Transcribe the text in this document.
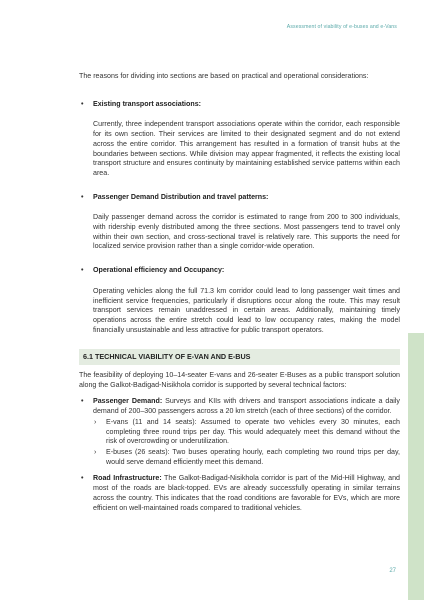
Assessment of viability of e-buses and e-Vans

The reasons for dividing into sections are based on practical and operational considerations:

• Existing transport associations:

Currently, three independent transport associations operate within the corridor, each responsible for its own section. Their services are limited to their designated segment and do not extend across the entire corridor. This arrangement has resulted in a formation of transit hubs at the boundaries between sections. While division may appear fragmented, it reflects the existing local transport structure and ensures continuity by maintaining established service patterns within each area.

• Passenger Demand Distribution and travel patterns:

Daily passenger demand across the corridor is estimated to range from 200 to 300 individuals, with ridership evenly distributed among the three sections. Most passengers tend to travel only within their own section, and cross-sectional travel is relatively rare. This supports the need for localized service provision rather than a single corridor-wide operation.

• Operational efficiency and Occupancy:

Operating vehicles along the full 71.3 km corridor could lead to long passenger wait times and inefficient service frequencies, particularly if disruptions occur along the route. This may result transport services remain unaddressed in certain areas. Additionally, maintaining timely operations across the entire stretch could lead to low occupancy rates, making the model financially unsustainable and less attractive for public transport operators.

6.1 TECHNICAL VIABILITY OF E-VAN AND E-BUS

The feasibility of deploying 10–14-seater E-vans and 26-seater E-Buses as a public transport solution along the Galkot-Badigad-Nisikhola corridor is supported by several technical factors:

• Passenger Demand: Surveys and KIIs with drivers and transport associations indicate a daily demand of 200–300 passengers across a 20 km stretch (each of three sections) of the corridor.

› E-vans (11 and 14 seats): Assumed to operate two vehicles every 30 minutes, each completing three round trips per day. This would adequately meet this demand without the risk of overcrowding or underutilization.

› E-buses (26 seats): Two buses operating hourly, each completing two round trips per day, would serve demand efficiently meet this demand.

• Road Infrastructure: The Galkot-Badigad-Nisikhola corridor is part of the Mid-Hill Highway, and most of the roads are black-topped. EVs are already successfully operating in similar terrains across the country. This indicates that the road conditions are favorable for EVs, which are more efficient on well-maintained roads compared to traditional vehicles.

27
